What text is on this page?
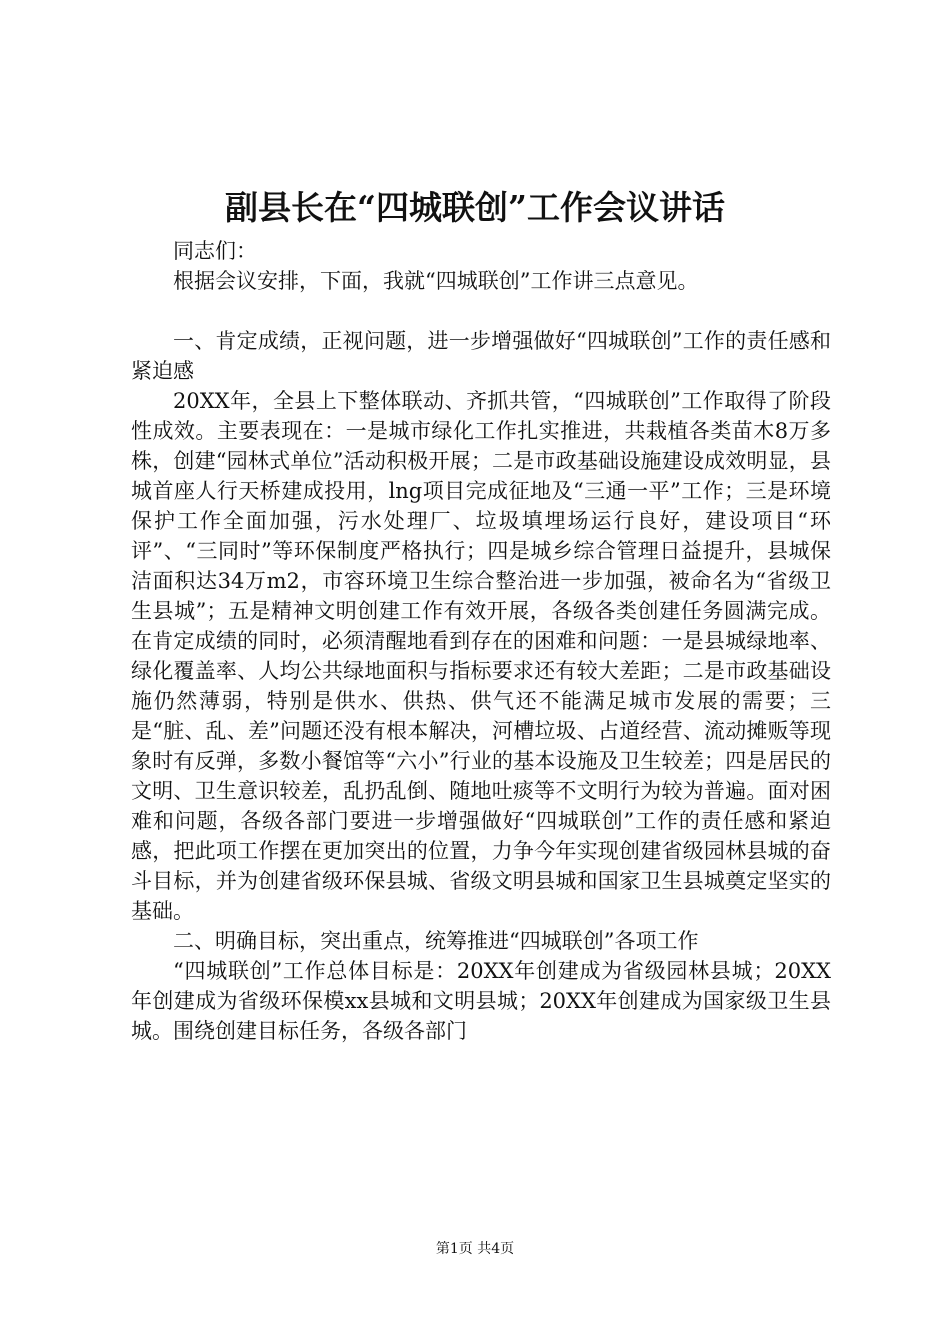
副县长在“四城联创”工作会议讲话

同志们：

根据会议安排，下面，我就“四城联创”工作讲三点意见。

一、肯定成绩，正视问题，进一步增强做好“四城联创”工作的责任感和紧迫感

20XX年，全县上下整体联动、齐抓共管，“四城联创”工作取得了阶段性成效。主要表现在：一是城市绿化工作扎实推进，共栽植各类苗木8万多株，创建“园林式单位”活动积极开展；二是市政基础设施建设成效明显，县城首座人行天桥建成投用，lng项目完成征地及“三通一平”工作；三是环境保护工作全面加强，污水处理厂、垃圾填埋场运行良好，建设项目“环评”、“三同时”等环保制度严格执行；四是城乡综合管理日益提升，县城保洁面积达34万m2，市容环境卫生综合整治进一步加强，被命名为“省级卫生县城”；五是精神文明创建工作有效开展，各级各类创建任务圆满完成。在肯定成绩的同时，必须清醒地看到存在的困难和问题：一是县城绿地率、绿化覆盖率、人均公共绿地面积与指标要求还有较大差距；二是市政基础设施仍然薄弱，特别是供水、供热、供气还不能满足城市发展的需要；三是“脏、乱、差”问题还没有根本解决，河槽垃圾、占道经营、流动摊贩等现象时有反弹，多数小餐馆等“六小”行业的基本设施及卫生较差；四是居民的文明、卫生意识较差，乱扔乱倒、随地吐痰等不文明行为较为普遍。面对困难和问题，各级各部门要进一步增强做好“四城联创”工作的责任感和紧迫感，把此项工作摆在更加突出的位置，力争今年实现创建省级园林县城的奋斗目标，并为创建省级环保县城、省级文明县城和国家卫生县城奠定坚实的基础。

二、明确目标，突出重点，统筹推进“四城联创”各项工作

“四城联创”工作总体目标是：20XX年创建成为省级园林县城；20XX年创建成为省级环保模xx县城和文明县城；20XX年创建成为国家级卫生县城。围绕创建目标任务，各级各部门

第1页 共4页
